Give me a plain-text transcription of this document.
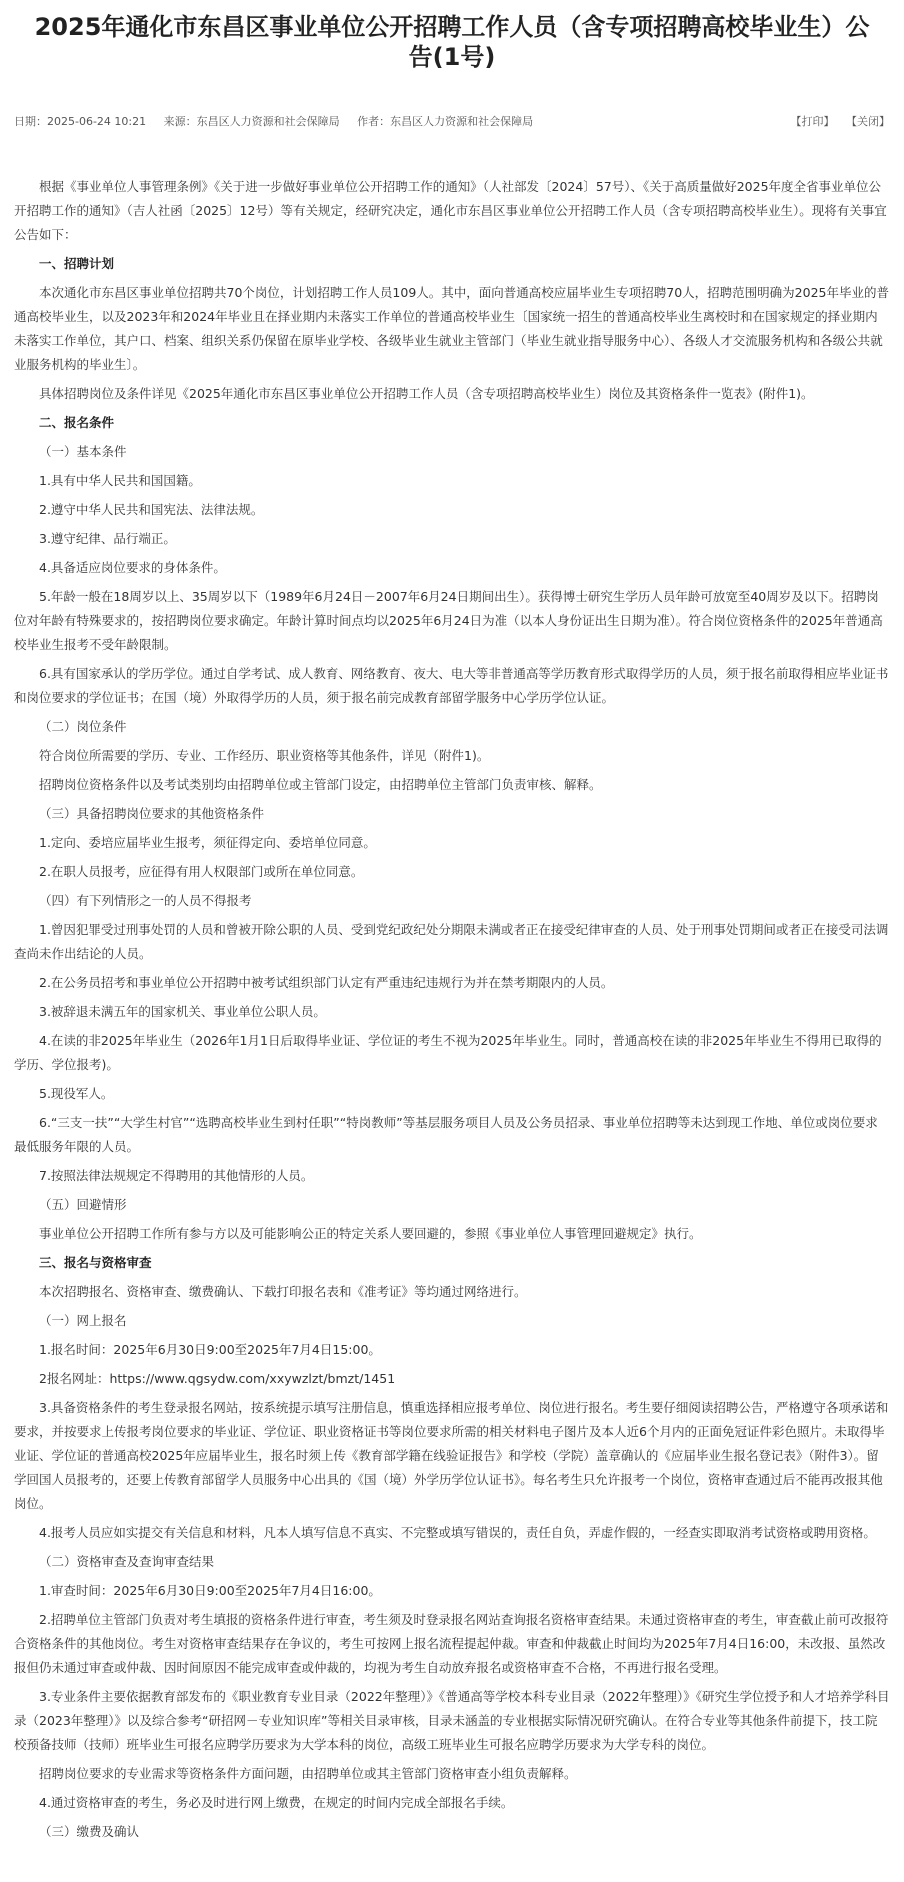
2025年通化市东昌区事业单位公开招聘工作人员（含专项招聘高校毕业生）公告(1号)
日期：2025-06-24 10:21 来源：东昌区人力资源和社会保障局 作者：东昌区人力资源和社会保障局	【打印】 【关闭】

根据《事业单位人事管理条例》《关于进一步做好事业单位公开招聘工作的通知》（人社部发〔2024〕57号）、《关于高质量做好2025年度全省事业单位公开招聘工作的通知》（吉人社函〔2025〕12号）等有关规定，经研究决定，通化市东昌区事业单位公开招聘工作人员（含专项招聘高校毕业生）。现将有关事宜公告如下：

一、招聘计划

本次通化市东昌区事业单位招聘共70个岗位，计划招聘工作人员109人。其中，面向普通高校应届毕业生专项招聘70人，招聘范围明确为2025年毕业的普通高校毕业生，以及2023年和2024年毕业且在择业期内未落实工作单位的普通高校毕业生〔国家统一招生的普通高校毕业生离校时和在国家规定的择业期内未落实工作单位，其户口、档案、组织关系仍保留在原毕业学校、各级毕业生就业主管部门（毕业生就业指导服务中心）、各级人才交流服务机构和各级公共就业服务机构的毕业生〕。

具体招聘岗位及条件详见《2025年通化市东昌区事业单位公开招聘工作人员（含专项招聘高校毕业生）岗位及其资格条件一览表》(附件1)。

二、报名条件

（一）基本条件

1.具有中华人民共和国国籍。

2.遵守中华人民共和国宪法、法律法规。

3.遵守纪律、品行端正。

4.具备适应岗位要求的身体条件。

5.年龄一般在18周岁以上、35周岁以下（1989年6月24日－2007年6月24日期间出生）。获得博士研究生学历人员年龄可放宽至40周岁及以下。招聘岗位对年龄有特殊要求的，按招聘岗位要求确定。年龄计算时间点均以2025年6月24日为准（以本人身份证出生日期为准）。符合岗位资格条件的2025年普通高校毕业生报考不受年龄限制。

6.具有国家承认的学历学位。通过自学考试、成人教育、网络教育、夜大、电大等非普通高等学历教育形式取得学历的人员，须于报名前取得相应毕业证书和岗位要求的学位证书；在国（境）外取得学历的人员，须于报名前完成教育部留学服务中心学历学位认证。

（二）岗位条件

符合岗位所需要的学历、专业、工作经历、职业资格等其他条件，详见（附件1)。

招聘岗位资格条件以及考试类别均由招聘单位或主管部门设定，由招聘单位主管部门负责审核、解释。

（三）具备招聘岗位要求的其他资格条件

1.定向、委培应届毕业生报考，须征得定向、委培单位同意。

2.在职人员报考，应征得有用人权限部门或所在单位同意。

（四）有下列情形之一的人员不得报考

1.曾因犯罪受过刑事处罚的人员和曾被开除公职的人员、受到党纪政纪处分期限未满或者正在接受纪律审查的人员、处于刑事处罚期间或者正在接受司法调查尚未作出结论的人员。

2.在公务员招考和事业单位公开招聘中被考试组织部门认定有严重违纪违规行为并在禁考期限内的人员。

3.被辞退未满五年的国家机关、事业单位公职人员。

4.在读的非2025年毕业生（2026年1月1日后取得毕业证、学位证的考生不视为2025年毕业生。同时，普通高校在读的非2025年毕业生不得用已取得的学历、学位报考)。

5.现役军人。

6.“三支一扶”“大学生村官”“选聘高校毕业生到村任职”“特岗教师”等基层服务项目人员及公务员招录、事业单位招聘等未达到现工作地、单位或岗位要求最低服务年限的人员。

7.按照法律法规规定不得聘用的其他情形的人员。

（五）回避情形

事业单位公开招聘工作所有参与方以及可能影响公正的特定关系人要回避的，参照《事业单位人事管理回避规定》执行。

三、报名与资格审查

本次招聘报名、资格审查、缴费确认、下载打印报名表和《准考证》等均通过网络进行。

（一）网上报名

1.报名时间：2025年6月30日9:00至2025年7月4日15:00。

2报名网址：https://www.qgsydw.com/xxywzlzt/bmzt/1451

3.具备资格条件的考生登录报名网站，按系统提示填写注册信息，慎重选择相应报考单位、岗位进行报名。考生要仔细阅读招聘公告，严格遵守各项承诺和要求，并按要求上传报考岗位要求的毕业证、学位证、职业资格证书等岗位要求所需的相关材料电子图片及本人近6个月内的正面免冠证件彩色照片。未取得毕业证、学位证的普通高校2025年应届毕业生，报名时须上传《教育部学籍在线验证报告》和学校（学院）盖章确认的《应届毕业生报名登记表》（附件3）。留学回国人员报考的，还要上传教育部留学人员服务中心出具的《国（境）外学历学位认证书》。每名考生只允许报考一个岗位，资格审查通过后不能再改报其他岗位。

4.报考人员应如实提交有关信息和材料，凡本人填写信息不真实、不完整或填写错误的，责任自负，弄虚作假的，一经查实即取消考试资格或聘用资格。

（二）资格审查及查询审查结果

1.审查时间：2025年6月30日9:00至2025年7月4日16:00。

2.招聘单位主管部门负责对考生填报的资格条件进行审查，考生须及时登录报名网站查询报名资格审查结果。未通过资格审查的考生，审查截止前可改报符合资格条件的其他岗位。考生对资格审查结果存在争议的，考生可按网上报名流程提起仲裁。审查和仲裁截止时间均为2025年7月4日16:00，未改报、虽然改报但仍未通过审查或仲裁、因时间原因不能完成审查或仲裁的，均视为考生自动放弃报名或资格审查不合格，不再进行报名受理。

3.专业条件主要依据教育部发布的《职业教育专业目录（2022年整理）》《普通高等学校本科专业目录（2022年整理）》《研究生学位授予和人才培养学科目录（2023年整理）》以及综合参考“研招网－专业知识库”等相关目录审核，目录未涵盖的专业根据实际情况研究确认。在符合专业等其他条件前提下，技工院校预备技师（技师）班毕业生可报名应聘学历要求为大学本科的岗位，高级工班毕业生可报名应聘学历要求为大学专科的岗位。

招聘岗位要求的专业需求等资格条件方面问题，由招聘单位或其主管部门资格审查小组负责解释。

4.通过资格审查的考生，务必及时进行网上缴费，在规定的时间内完成全部报名手续。

（三）缴费及确认
